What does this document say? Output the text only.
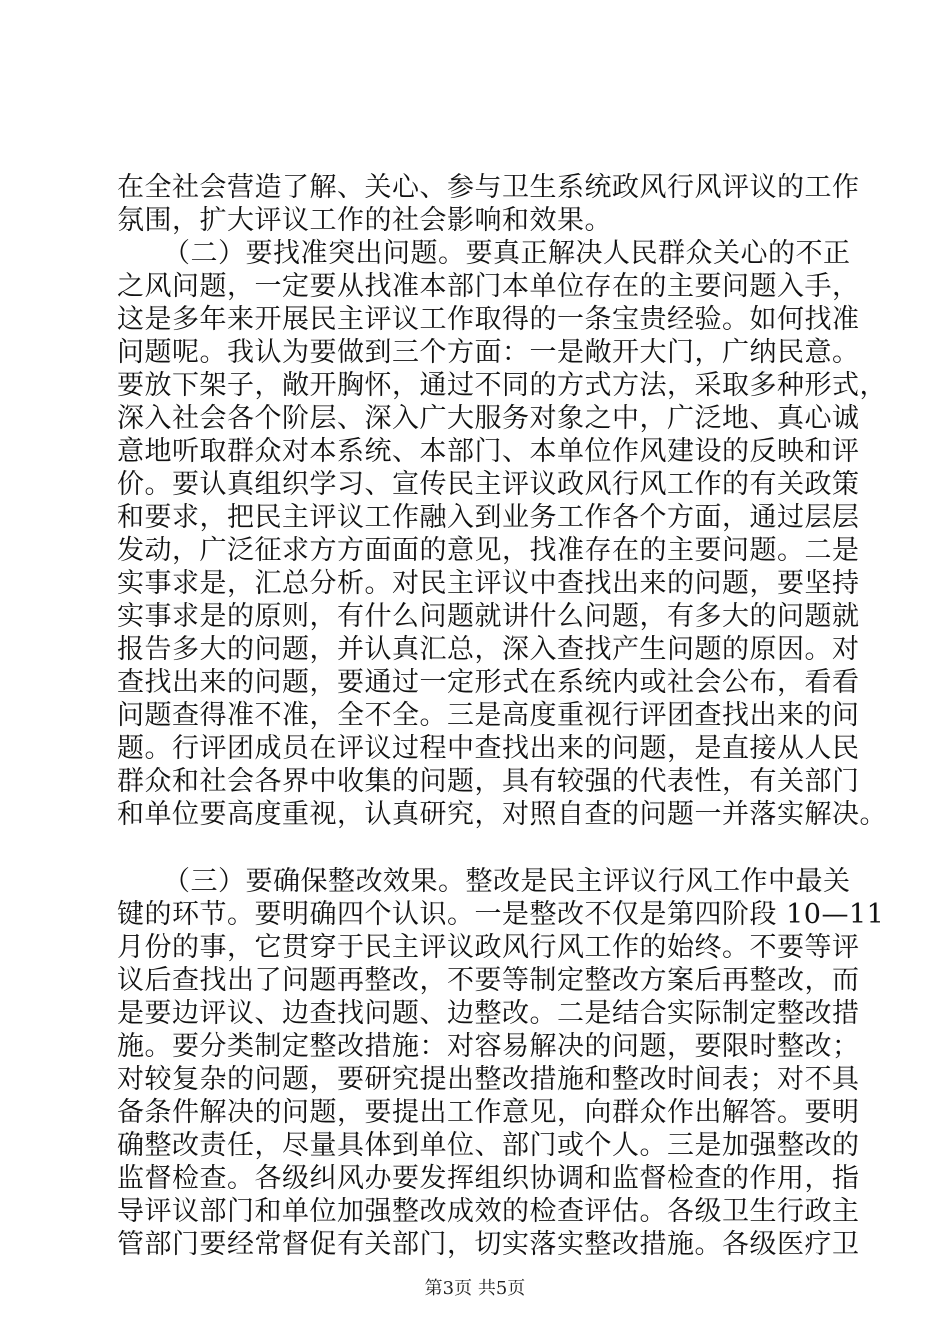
在全社会营造了解、关心、参与卫生系统政风行风评议的工作
氛围，扩大评议工作的社会影响和效果。
（二）要找准突出问题。要真正解决人民群众关心的不正
之风问题，一定要从找准本部门本单位存在的主要问题入手，
这是多年来开展民主评议工作取得的一条宝贵经验。如何找准
问题呢。我认为要做到三个方面：一是敞开大门，广纳民意。
要放下架子，敞开胸怀，通过不同的方式方法，采取多种形式，
深入社会各个阶层、深入广大服务对象之中，广泛地、真心诚
意地听取群众对本系统、本部门、本单位作风建设的反映和评
价。要认真组织学习、宣传民主评议政风行风工作的有关政策
和要求，把民主评议工作融入到业务工作各个方面，通过层层
发动，广泛征求方方面面的意见，找准存在的主要问题。二是
实事求是，汇总分析。对民主评议中查找出来的问题，要坚持
实事求是的原则，有什么问题就讲什么问题，有多大的问题就
报告多大的问题，并认真汇总，深入查找产生问题的原因。对
查找出来的问题，要通过一定形式在系统内或社会公布，看看
问题查得准不准，全不全。三是高度重视行评团查找出来的问
题。行评团成员在评议过程中查找出来的问题，是直接从人民
群众和社会各界中收集的问题，具有较强的代表性，有关部门
和单位要高度重视，认真研究，对照自查的问题一并落实解决。
（三）要确保整改效果。整改是民主评议行风工作中最关
键的环节。要明确四个认识。一是整改不仅是第四阶段 10—11
月份的事，它贯穿于民主评议政风行风工作的始终。不要等评
议后查找出了问题再整改，不要等制定整改方案后再整改，而
是要边评议、边查找问题、边整改。二是结合实际制定整改措
施。要分类制定整改措施：对容易解决的问题，要限时整改；
对较复杂的问题，要研究提出整改措施和整改时间表；对不具
备条件解决的问题，要提出工作意见，向群众作出解答。要明
确整改责任，尽量具体到单位、部门或个人。三是加强整改的
监督检查。各级纠风办要发挥组织协调和监督检查的作用，指
导评议部门和单位加强整改成效的检查评估。各级卫生行政主
管部门要经常督促有关部门，切实落实整改措施。各级医疗卫
第3页 共5页
